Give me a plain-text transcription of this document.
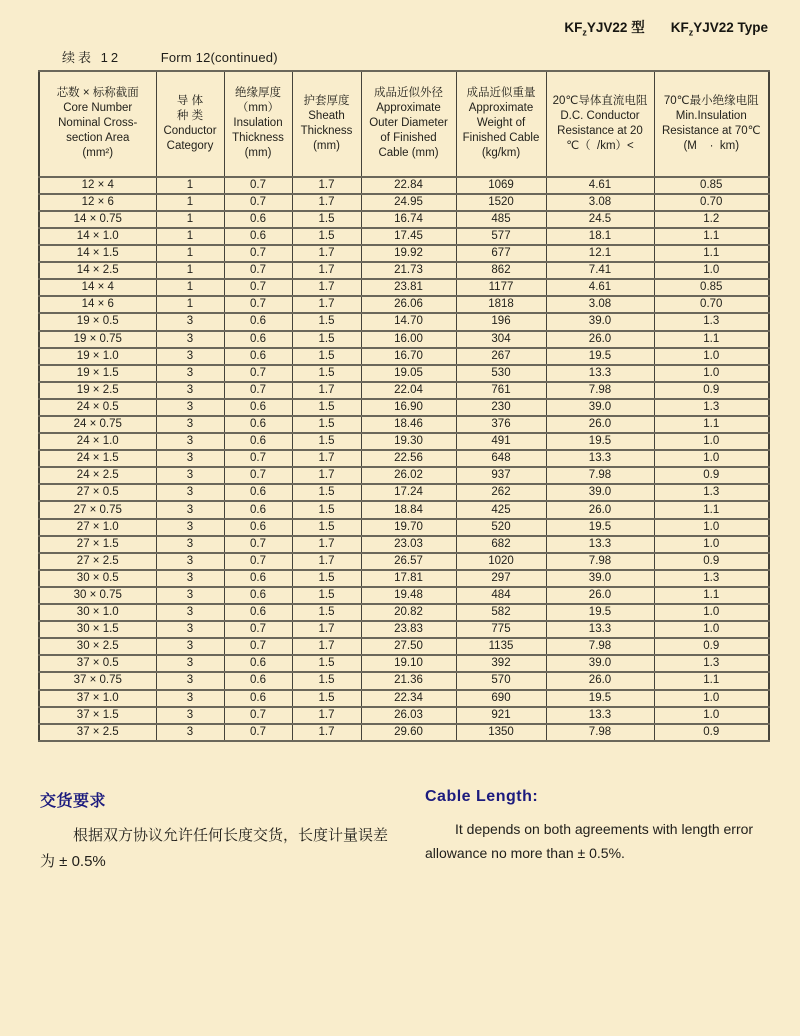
$KF_zYJV22$ 型 $KF_zYJV22$ Type
续表 12	Form 12(continued)
芯数 × 标称截面
Core Number
Nominal Cross-
section Area
(mm²)

导 体
种 类
Conductor
Category

绝缘厚度
（mm）
Insulation
Thickness
(mm)

护套厚度
Sheath
Thickness
(mm)

成品近似外径
Approximate
Outer Diameter
of Finished
Cable (mm)

成品近似重量
Approximate
Weight of
Finished Cable
(kg/km)

20℃导体直流电阻
D.C. Conductor
Resistance at 20
℃（  /km）<

70℃最小绝缘电阻
Min.Insulation
Resistance at 70℃
(M    ·  km)

12 × 4	1	0.7	1.7	22.84	1069	4.61	0.85
12 × 6	1	0.7	1.7	24.95	1520	3.08	0.70
14 × 0.75	1	0.6	1.5	16.74	485	24.5	1.2
14 × 1.0	1	0.6	1.5	17.45	577	18.1	1.1
14 × 1.5	1	0.7	1.7	19.92	677	12.1	1.1
14 × 2.5	1	0.7	1.7	21.73	862	7.41	1.0
14 × 4	1	0.7	1.7	23.81	1177	4.61	0.85
14 × 6	1	0.7	1.7	26.06	1818	3.08	0.70
19 × 0.5	3	0.6	1.5	14.70	196	39.0	1.3
19 × 0.75	3	0.6	1.5	16.00	304	26.0	1.1
19 × 1.0	3	0.6	1.5	16.70	267	19.5	1.0
19 × 1.5	3	0.7	1.5	19.05	530	13.3	1.0
19 × 2.5	3	0.7	1.7	22.04	761	7.98	0.9
24 × 0.5	3	0.6	1.5	16.90	230	39.0	1.3
24 × 0.75	3	0.6	1.5	18.46	376	26.0	1.1
24 × 1.0	3	0.6	1.5	19.30	491	19.5	1.0
24 × 1.5	3	0.7	1.7	22.56	648	13.3	1.0
24 × 2.5	3	0.7	1.7	26.02	937	7.98	0.9
27 × 0.5	3	0.6	1.5	17.24	262	39.0	1.3
27 × 0.75	3	0.6	1.5	18.84	425	26.0	1.1
27 × 1.0	3	0.6	1.5	19.70	520	19.5	1.0
27 × 1.5	3	0.7	1.7	23.03	682	13.3	1.0
27 × 2.5	3	0.7	1.7	26.57	1020	7.98	0.9
30 × 0.5	3	0.6	1.5	17.81	297	39.0	1.3
30 × 0.75	3	0.6	1.5	19.48	484	26.0	1.1
30 × 1.0	3	0.6	1.5	20.82	582	19.5	1.0
30 × 1.5	3	0.7	1.7	23.83	775	13.3	1.0
30 × 2.5	3	0.7	1.7	27.50	1135	7.98	0.9
37 × 0.5	3	0.6	1.5	19.10	392	39.0	1.3
37 × 0.75	3	0.6	1.5	21.36	570	26.0	1.1
37 × 1.0	3	0.6	1.5	22.34	690	19.5	1.0
37 × 1.5	3	0.7	1.7	26.03	921	13.3	1.0
37 × 2.5	3	0.7	1.7	29.60	1350	7.98	0.9
交货要求

根据双方协议允许任何长度交货，长度计量误差为 ± 0.5%

Cable Length:

It depends on both agreements with length error allowance no more than ± 0.5%.
